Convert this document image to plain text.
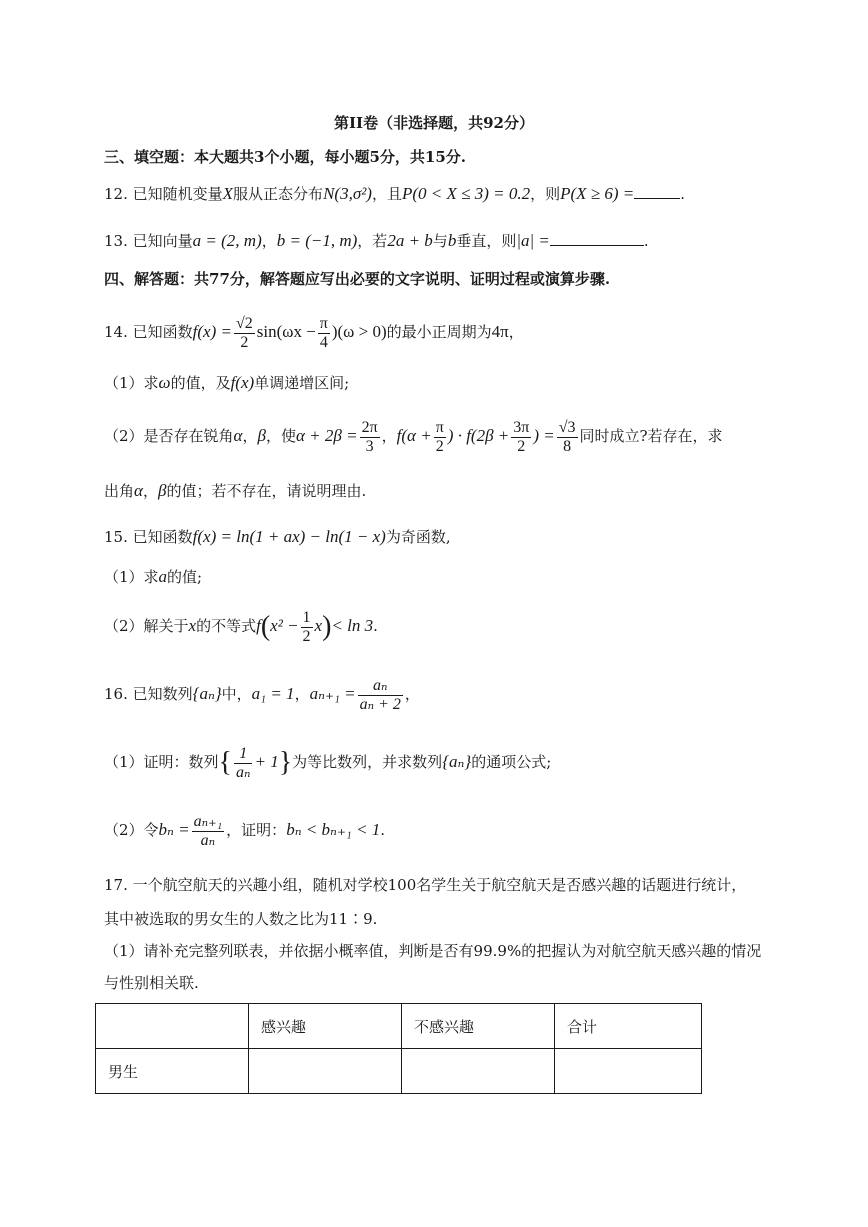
第II卷（非选择题，共92分）
三、填空题：本大题共3个小题，每小题5分，共15分.
12. 已知随机变量X服从正态分布N(3,σ²)，且P(0 < X ≤ 3) = 0.2，则P(X ≥ 6) =	.
13. 已知向量a = (2, m)，b = (−1, m)，若2a + b与b垂直，则|a| =	.
四、解答题：共77分，解答题应写出必要的文字说明、证明过程或演算步骤.
14. 已知函数$f(x) = \frac{√2}{2} \sin(\omega x - \frac{\pi}{4} )(\omega > 0)$的最小正周期为4π，
（1）求ω的值，及f(x)单调递增区间;
（2）是否存在锐角α，β，使$\alpha + 2\beta = \frac{2\pi}{3}$ ，$f(\alpha + \frac{\pi}{2}$ ) · $f(2\beta + \frac{3\pi}{2}$ ) = $\frac{√3}{8}$ 同时成立?若存在，求
出角α，β的值；若不存在，请说明理由.
15. 已知函数f(x) = ln(1 + ax) − ln(1 − x)为奇函数,
（1）求a的值;
（2）解关于x的不等式$f(x^2 - \frac{1}{2} x)< \ln 3$.
16. 已知数列{aₙ}中，a₁ = 1，$a_{n+1} = \frac{\text{aₙ}}{\text{aₙ + 2}}$ ，
（1）证明：数列{ $\frac{1}{\text{aₙ}} + 1$}为等比数列，并求数列{aₙ}的通项公式;
（2）令$b_n = \frac{\text{aₙ₊₁}}{\text{aₙ}}$ ，证明：bₙ < bₙ₊₁ < 1.
17. 一个航空航天的兴趣小组，随机对学校100名学生关于航空航天是否感兴趣的话题进行统计，
其中被选取的男女生的人数之比为11∶9.
（1）请补充完整列联表，并依据小概率值，判断是否有99.9%的把握认为对航空航天感兴趣的情况
与性别相关联.
	感兴趣	不感兴趣	合计
男生			
